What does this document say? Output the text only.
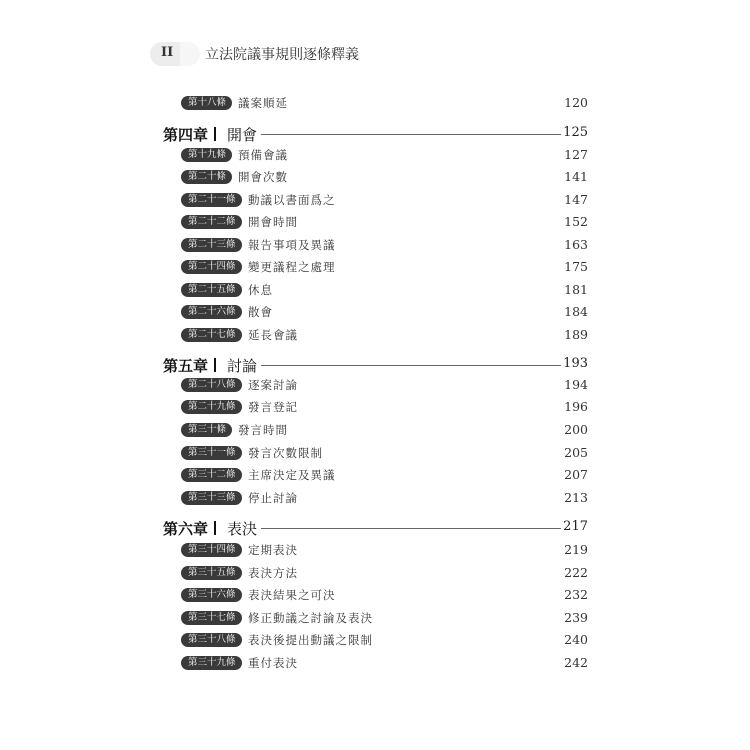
II 立法院議事規則逐條釋義
第十八條	議案順延	120
第四章 開會	125
第十九條	預備會議	127
第二十條	開會次數	141
第二十一條	動議以書面爲之	147
第二十二條	開會時間	152
第二十三條	報告事項及異議	163
第二十四條	變更議程之處理	175
第二十五條	休息	181
第二十六條	散會	184
第二十七條	延長會議	189
第五章 討論	193
第二十八條	逐案討論	194
第二十九條	發言登記	196
第三十條	發言時間	200
第三十一條	發言次數限制	205
第三十二條	主席決定及異議	207
第三十三條	停止討論	213
第六章 表決	217
第三十四條	定期表決	219
第三十五條	表決方法	222
第三十六條	表決結果之可決	232
第三十七條	修正動議之討論及表決	239
第三十八條	表決後提出動議之限制	240
第三十九條	重付表決	242
